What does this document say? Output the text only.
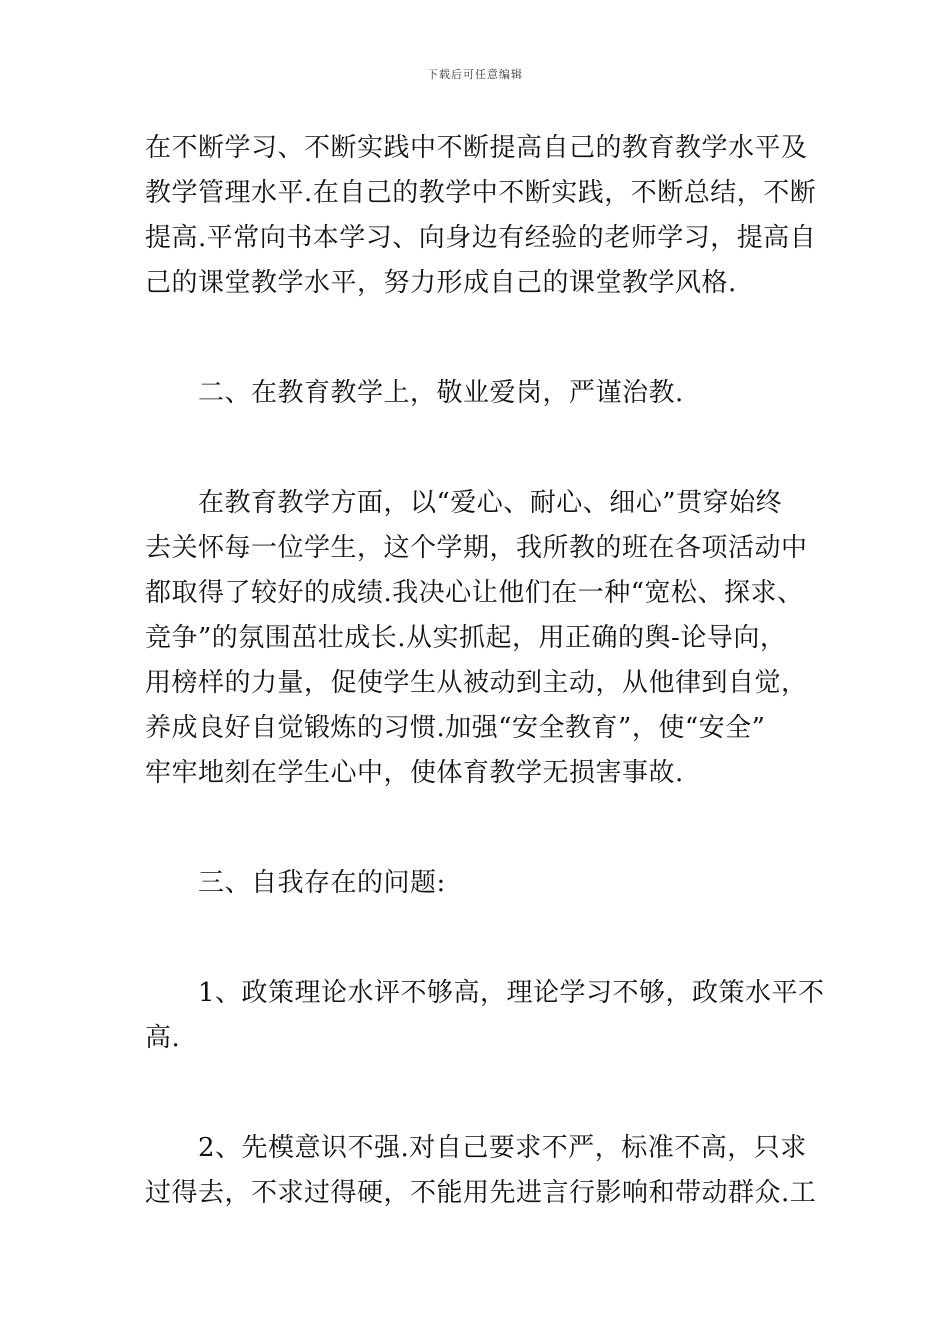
下载后可任意编辑
在不断学习、不断实践中不断提高自己的教育教学水平及
教学管理水平.在自己的教学中不断实践，不断总结，不断
提高.平常向书本学习、向身边有经验的老师学习，提高自
己的课堂教学水平，努力形成自己的课堂教学风格.
　　二、在教育教学上，敬业爱岗，严谨治教.
　　在教育教学方面，以“爱心、耐心、细心”贯穿始终
去关怀每一位学生，这个学期，我所教的班在各项活动中
都取得了较好的成绩.我决心让他们在一种“宽松、探求、
竞争”的氛围茁壮成长.从实抓起，用正确的舆-论导向，
用榜样的力量，促使学生从被动到主动，从他律到自觉，
养成良好自觉锻炼的习惯.加强“安全教育”，使“安全”
牢牢地刻在学生心中，使体育教学无损害事故.
　　三、自我存在的问题:
　　1、政策理论水评不够高，理论学习不够，政策水平不
高.
　　2、先模意识不强.对自己要求不严，标准不高，只求
过得去，不求过得硬，不能用先进言行影响和带动群众.工
